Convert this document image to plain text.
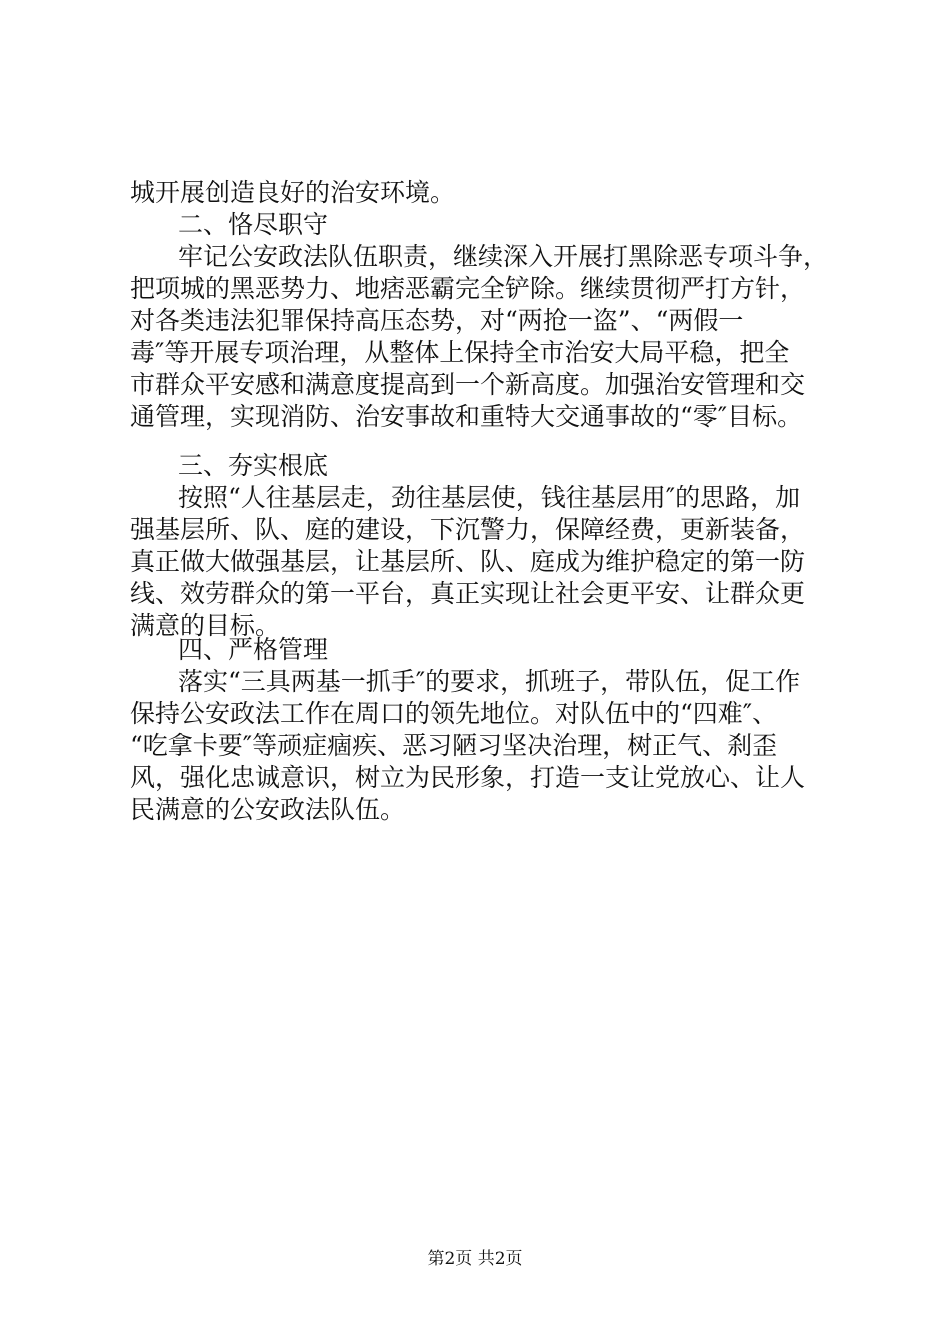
城开展创造良好的治安环境。
二、恪尽职守
牢记公安政法队伍职责，继续深入开展打黑除恶专项斗争，
把项城的黑恶势力、地痞恶霸完全铲除。继续贯彻严打方针，
对各类违法犯罪保持高压态势，对“两抢一盗”、“两假一
毒″等开展专项治理，从整体上保持全市治安大局平稳，把全
市群众平安感和满意度提高到一个新高度。加强治安管理和交
通管理，实现消防、治安事故和重特大交通事故的“零″目标。
三、夯实根底
按照“人往基层走，劲往基层使，钱往基层用″的思路，加
强基层所、队、庭的建设，下沉警力，保障经费，更新装备，
真正做大做强基层，让基层所、队、庭成为维护稳定的第一防
线、效劳群众的第一平台，真正实现让社会更平安、让群众更
满意的目标。
四、严格管理
落实“三具两基一抓手″的要求，抓班子，带队伍，促工作
保持公安政法工作在周口的领先地位。对队伍中的“四难″、
“吃拿卡要″等顽症痼疾、恶习陋习坚决治理，树正气、刹歪
风，强化忠诚意识，树立为民形象，打造一支让党放心、让人
民满意的公安政法队伍。
第2页 共2页
